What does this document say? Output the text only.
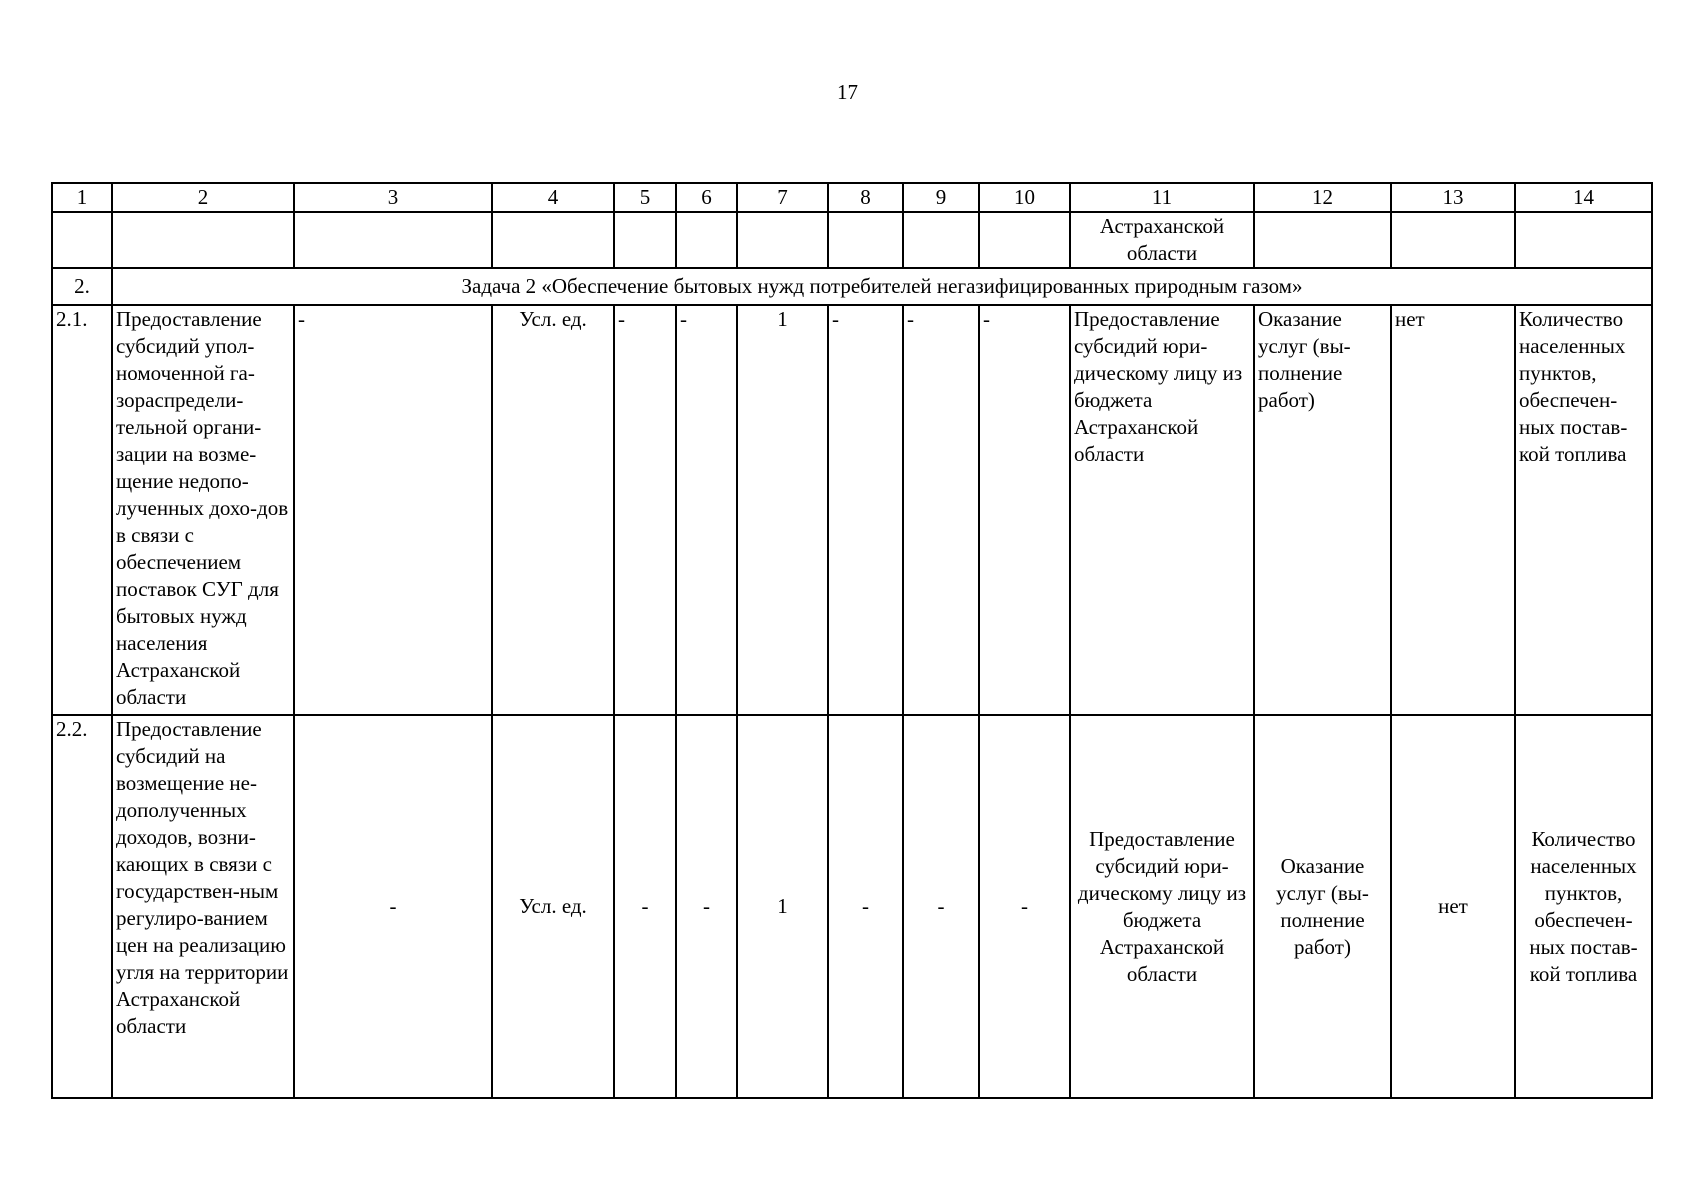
17
1	2	3	4	5	6	7	8	9	10	11	12	13	14
										Астраханской области			
2.	Задача 2 «Обеспечение бытовых нужд потребителей негазифицированных природным газом»												
2.1.	Предоставление субсидий упол-номоченной га-зораспредели-тельной органи-зации на возме-щение недопо-лученных дохо-дов в связи с обеспечением поставок СУГ для бытовых нужд населения Астраханской области	-	Усл. ед.	-	-	1	-	-	-	Предоставление субсидий юри-дическому лицу из бюджета Астраханской области	Оказание услуг (вы-полнение работ)	нет	Количество населенных пунктов, обеспечен-ных постав-кой топлива
2.2.	Предоставление субсидий на возмещение не-дополученных доходов, возни-кающих в связи с государствен-ным регулиро-ванием цен на реализацию угля на территории Астраханской области	-	Усл. ед.	-	-	1	-	-	-	Предоставление субсидий юри-дическому лицу из бюджета Астраханской области	Оказание услуг (вы-полнение работ)	нет	Количество населенных пунктов, обеспечен-ных постав-кой топлива
